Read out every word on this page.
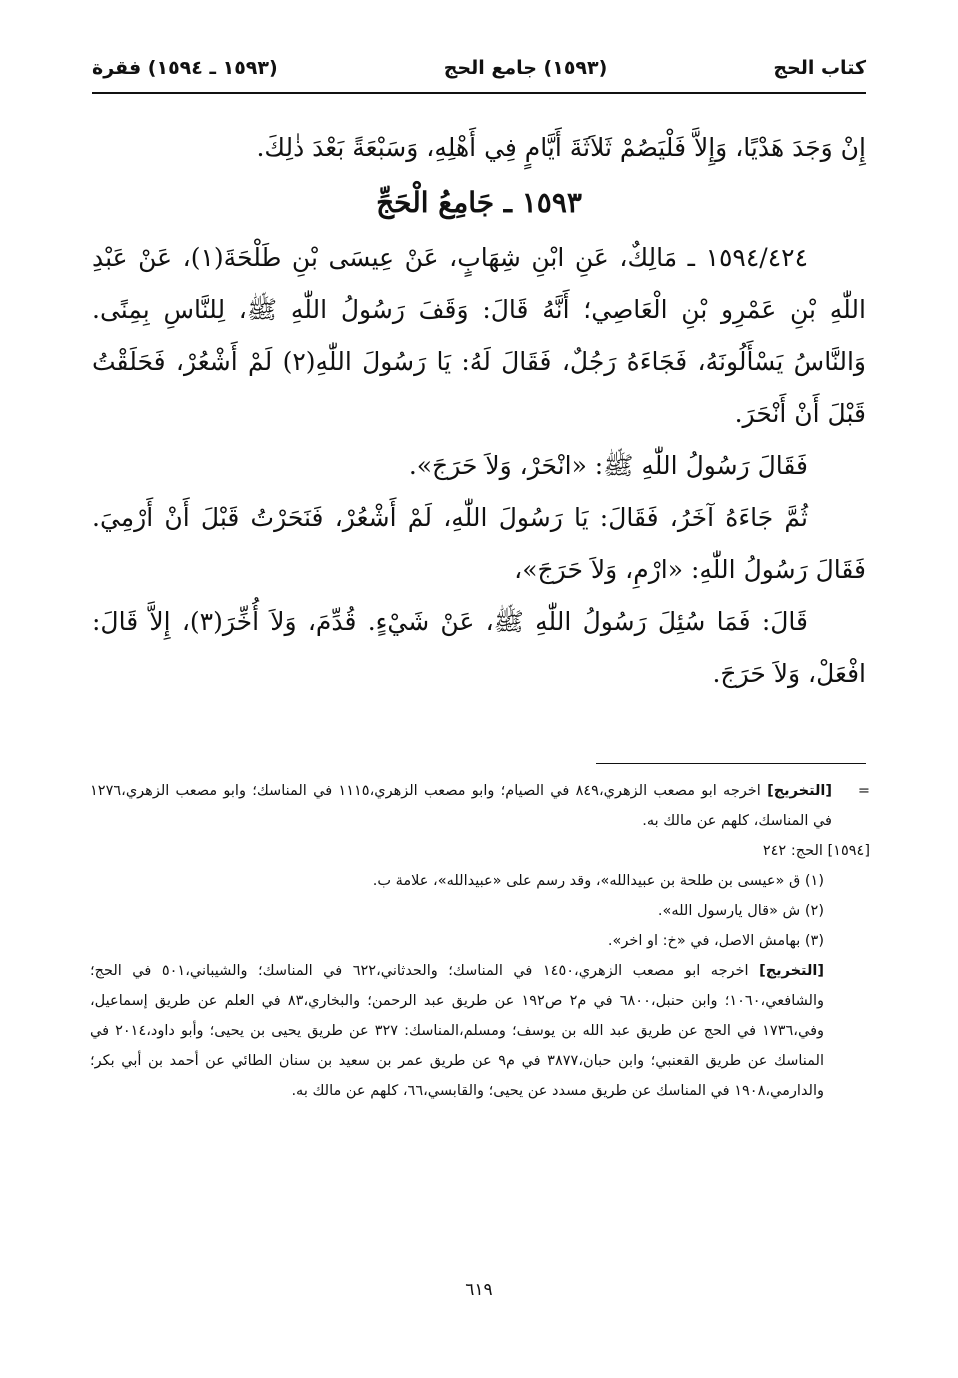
كتاب الحج
(١٥٩٣) جامع الحج
(١٥٩٣ ـ ١٥٩٤) فقرة

إِنْ وَجَدَ هَدْيًا، وَإِلاَّ فَلْيَصُمْ ثَلاَثَةَ أَيَّامٍ فِي أَهْلِهِ، وَسَبْعَةً بَعْدَ ذٰلِكَ.

١٥٩٣ ـ جَامِعُ الْحَجِّ

١٥٩٤/٤٢٤ ـ مَالِكٌ، عَنِ ابْنِ شِهَابٍ، عَنْ عِيسَى بْنِ طَلْحَةَ(١)، عَنْ عَبْدِ اللّٰهِ بْنِ عَمْرِو بْنِ الْعَاصِي؛ أَنَّهُ قَالَ: وَقَفَ رَسُولُ اللّٰهِ ﷺ، لِلنَّاسِ بِمِنًى. وَالنَّاسُ يَسْأَلُونَهُ، فَجَاءَهُ رَجُلٌ، فَقَالَ لَهُ: يَا رَسُولَ اللّٰهِ(٢) لَمْ أَشْعُرْ، فَحَلَقْتُ قَبْلَ أَنْ أَنْحَرَ.

فَقَالَ رَسُولُ اللّٰهِ ﷺ: «انْحَرْ، وَلاَ حَرَجَ».

ثُمَّ جَاءَهُ آخَرُ، فَقَالَ: يَا رَسُولَ اللّٰهِ، لَمْ أَشْعُرْ، فَنَحَرْتُ قَبْلَ أَنْ أَرْمِيَ. فَقَالَ رَسُولُ اللّٰهِ: «ارْمِ، وَلاَ حَرَجَ»،

قَالَ: فَمَا سُئِلَ رَسُولُ اللّٰهِ ﷺ، عَنْ شَيْءٍ. قُدِّمَ، وَلاَ أُخِّرَ(٣)، إِلاَّ قَالَ: افْعَلْ، وَلاَ حَرَجَ.

=
[التخريج] اخرجه ابو مصعب الزهري،٨٤٩ في الصيام؛ وابو مصعب الزهري،١١١٥ في المناسك؛ وابو مصعب الزهري،١٢٧٦ في المناسك، كلهم عن مالك به.

[١٥٩٤] الحج: ٢٤٢

(١) ق «عيسى بن طلحة بن عبيدالله»، وقد رسم على «عبيدالله»، علامة ب.

(٢) ش «قال يارسول الله».

(٣) بهامش الاصل، في «خ: او اخر».

[التخريج] اخرجه ابو مصعب الزهري،١٤٥٠ في المناسك؛ والحدثاني،٦٢٢ في المناسك؛ والشيباني،٥٠١ في الحج؛ والشافعي،١٠٦٠؛ وابن حنبل،٦٨٠٠ في م٢ ص١٩٢ عن طريق عبد الرحمن؛ والبخاري،٨٣ في العلم عن طريق إسماعيل، وفي،١٧٣٦ في الحج عن طريق عبد الله بن يوسف؛ ومسلم،المناسك: ٣٢٧ عن طريق يحيى بن يحيى؛ وأبو داود،٢٠١٤ في المناسك عن طريق القعنبي؛ وابن حبان،٣٨٧٧ في م٩ عن طريق عمر بن سعيد بن سنان الطائي عن أحمد بن أبي بكر؛ والدارمي،١٩٠٨ في المناسك عن طريق مسدد عن يحيى؛ والقابسي،٦٦، كلهم عن مالك به.

٦١٩
